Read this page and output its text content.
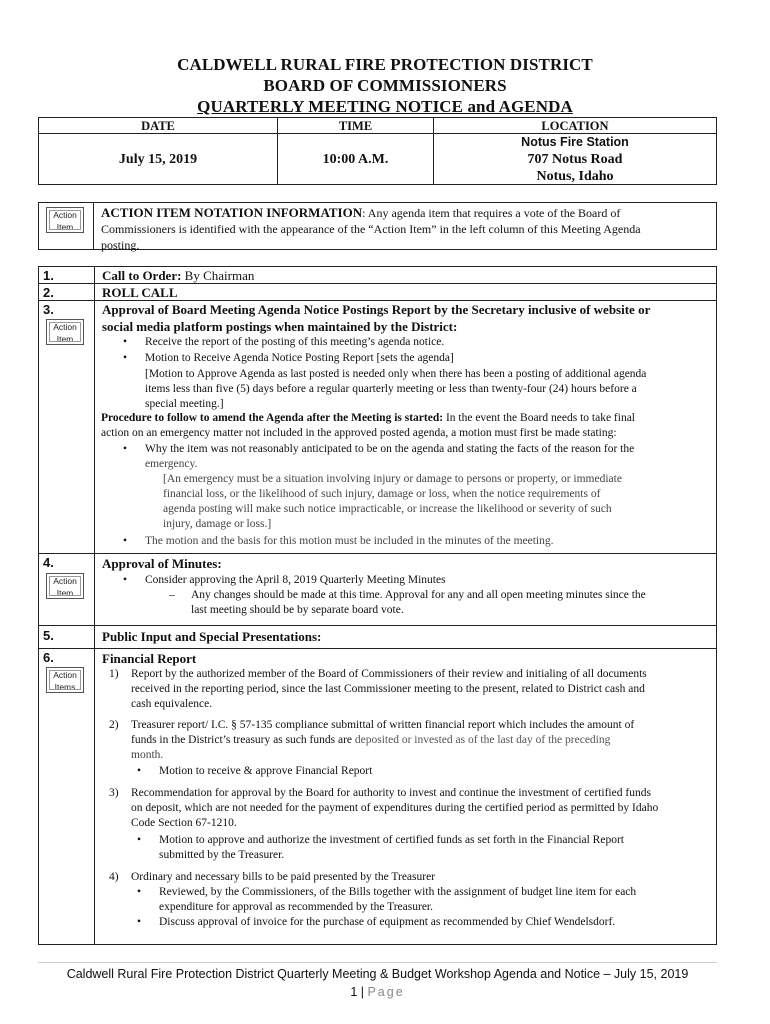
CALDWELL RURAL FIRE PROTECTION DISTRICT
BOARD OF COMMISSIONERS
QUARTERLY MEETING NOTICE and AGENDA
DATE
July 15, 2019
TIME
10:00 A.M.
LOCATION
Notus Fire Station
707 Notus Road
Notus, Idaho
Action
Item
ACTION ITEM NOTATION INFORMATION: Any agenda item that requires a vote of the Board of
Commissioners is identified with the appearance of the “Action Item” in the left column of this Meeting Agenda
posting.
1.
2.
3.
4.
5.
6.
Action
Item
Action
Item
Action
Items
Call to Order: By Chairman
ROLL CALL
Approval of Board Meeting Agenda Notice Postings Report by the Secretary inclusive of website or
social media platform postings when maintained by the District:
• Receive the report of the posting of this meeting’s agenda notice.
• Motion to Receive Agenda Notice Posting Report [sets the agenda]
[Motion to Approve Agenda as last posted is needed only when there has been a posting of additional agenda
items less than five (5) days before a regular quarterly meeting or less than twenty-four (24) hours before a
special meeting.]
Procedure to follow to amend the Agenda after the Meeting is started: In the event the Board needs to take final
action on an emergency matter not included in the approved posted agenda, a motion must first be made stating:
• Why the item was not reasonably anticipated to be on the agenda and stating the facts of the reason for the
emergency.
[An emergency must be a situation involving injury or damage to persons or property, or immediate
financial loss, or the likelihood of such injury, damage or loss, when the notice requirements of
agenda posting will make such notice impracticable, or increase the likelihood or severity of such
injury, damage or loss.]
• The motion and the basis for this motion must be included in the minutes of the meeting.
Approval of Minutes:
• Consider approving the April 8, 2019 Quarterly Meeting Minutes
– Any changes should be made at this time. Approval for any and all open meeting minutes since the
last meeting should be by separate board vote.
Public Input and Special Presentations:
Financial Report
1) Report by the authorized member of the Board of Commissioners of their review and initialing of all documents
received in the reporting period, since the last Commissioner meeting to the present, related to District cash and
cash equivalence.
2) Treasurer report/ I.C. § 57-135 compliance submittal of written financial report which includes the amount of
funds in the District’s treasury as such funds are deposited or invested as of the last day of the preceding
month.
• Motion to receive & approve Financial Report
3) Recommendation for approval by the Board for authority to invest and continue the investment of certified funds
on deposit, which are not needed for the payment of expenditures during the certified period as permitted by Idaho
Code Section 67-1210.
• Motion to approve and authorize the investment of certified funds as set forth in the Financial Report
submitted by the Treasurer.
4) Ordinary and necessary bills to be paid presented by the Treasurer
• Reviewed, by the Commissioners, of the Bills together with the assignment of budget line item for each
expenditure for approval as recommended by the Treasurer.
• Discuss approval of invoice for the purchase of equipment as recommended by Chief Wendelsdorf.
Caldwell Rural Fire Protection District Quarterly Meeting & Budget Workshop Agenda and Notice – July 15, 2019
1 | Page
